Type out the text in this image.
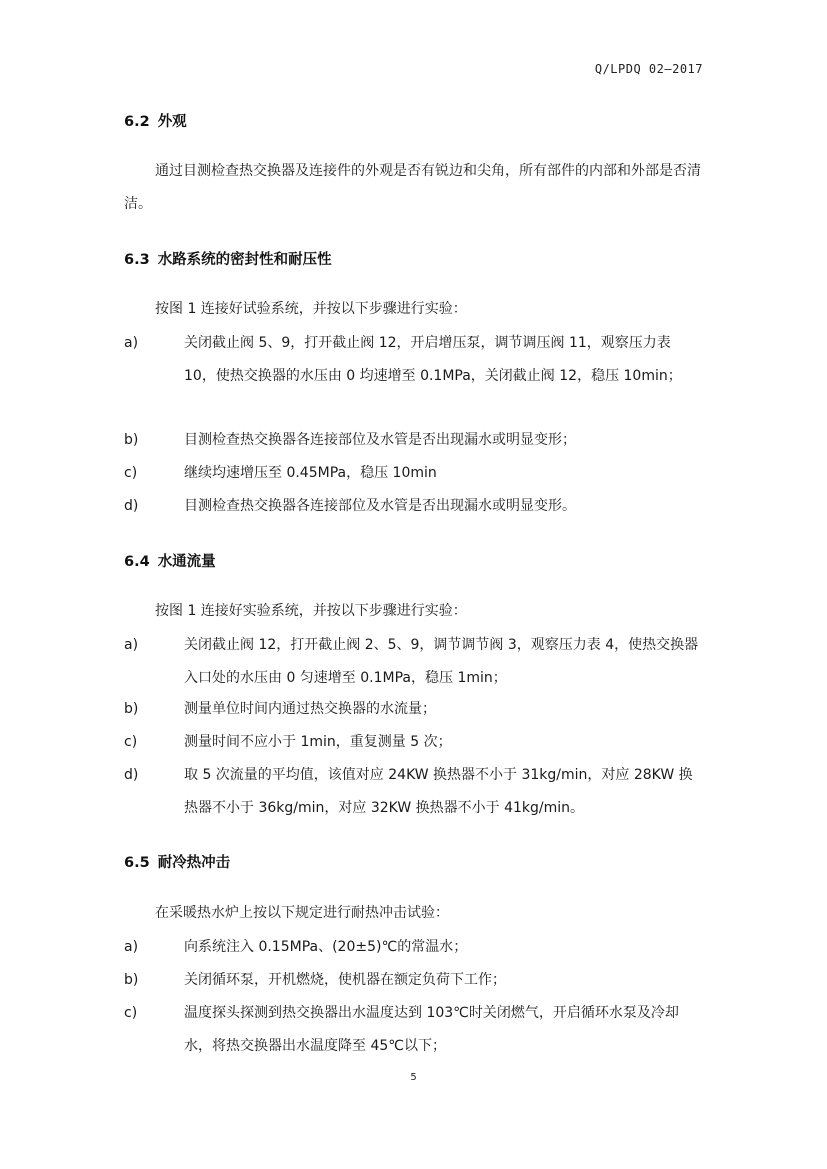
Q/LPDQ 02—2017
6.2 外观
通过目测检查热交换器及连接件的外观是否有锐边和尖角，所有部件的内部和外部是否清洁。
6.3 水路系统的密封性和耐压性
按图 1 连接好试验系统，并按以下步骤进行实验：
a)	关闭截止阀 5、9，打开截止阀 12，开启增压泵，调节调压阀 11，观察压力表 10，使热交换器的水压由 0 均速增至 0.1MPa，关闭截止阀 12，稳压 10min；
b)	目测检查热交换器各连接部位及水管是否出现漏水或明显变形；
c)	继续均速增压至 0.45MPa，稳压 10min
d)	目测检查热交换器各连接部位及水管是否出现漏水或明显变形。
6.4 水通流量
按图 1 连接好实验系统，并按以下步骤进行实验：
a)	关闭截止阀 12，打开截止阀 2、5、9，调节调节阀 3，观察压力表 4，使热交换器入口处的水压由 0 匀速增至 0.1MPa，稳压 1min；
b)	测量单位时间内通过热交换器的水流量；
c)	测量时间不应小于 1min，重复测量 5 次；
d)	取 5 次流量的平均值，该值对应 24KW 换热器不小于 31kg/min，对应 28KW 换热器不小于 36kg/min，对应 32KW 换热器不小于 41kg/min。
6.5 耐冷热冲击
在采暖热水炉上按以下规定进行耐热冲击试验：
a)	向系统注入 0.15MPa、(20±5)℃的常温水；
b)	关闭循环泵，开机燃烧，使机器在额定负荷下工作；
c)	温度探头探测到热交换器出水温度达到 103℃时关闭燃气，开启循环水泵及冷却水，将热交换器出水温度降至 45℃以下；
5
